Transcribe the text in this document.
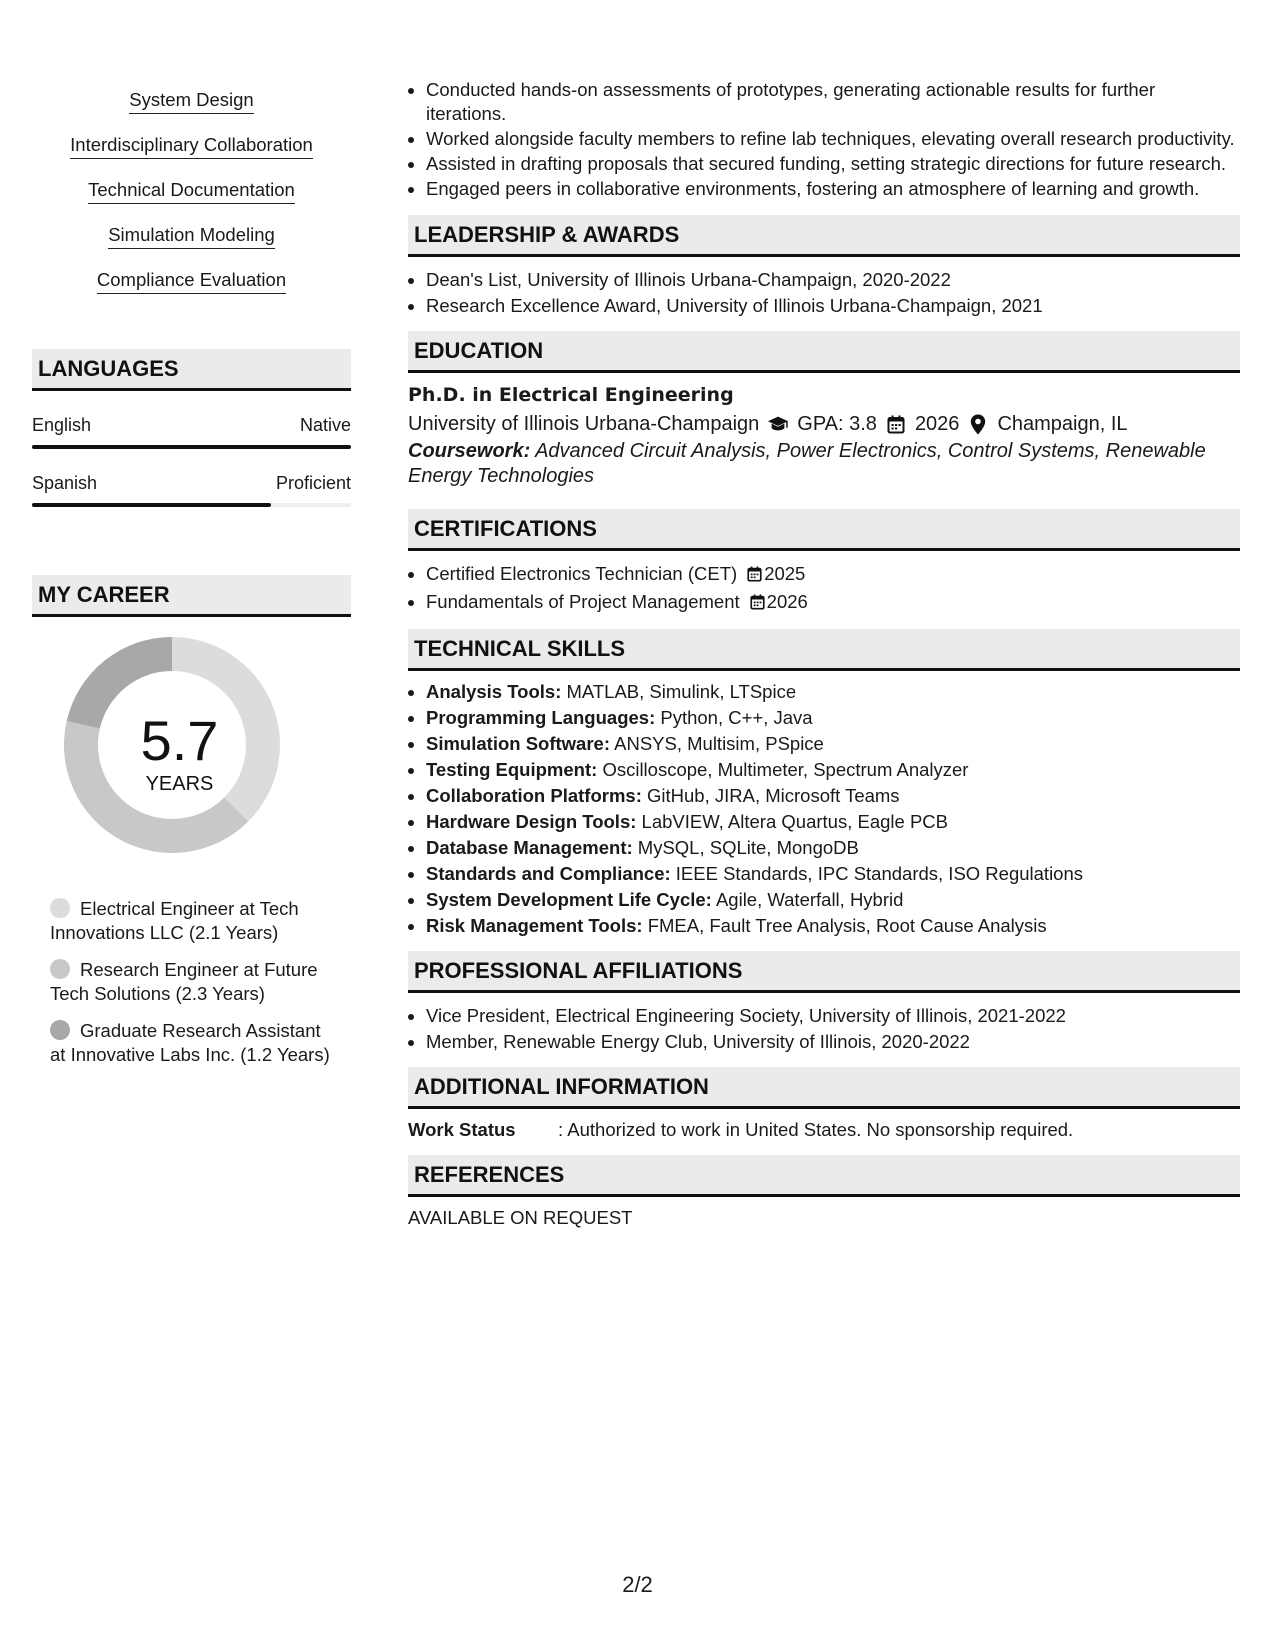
System Design
Interdisciplinary Collaboration
Technical Documentation
Simulation Modeling
Compliance Evaluation
LANGUAGES
English	Native
Spanish	Proficient
MY CAREER
5.7
YEARS
Electrical Engineer at Tech Innovations LLC (2.1 Years)
Research Engineer at Future Tech Solutions (2.3 Years)
Graduate Research Assistant at Innovative Labs Inc. (1.2 Years)
• Conducted hands-on assessments of prototypes, generating actionable results for further iterations.
• Worked alongside faculty members to refine lab techniques, elevating overall research productivity.
• Assisted in drafting proposals that secured funding, setting strategic directions for future research.
• Engaged peers in collaborative environments, fostering an atmosphere of learning and growth.
LEADERSHIP & AWARDS
• Dean's List, University of Illinois Urbana-Champaign, 2020-2022
• Research Excellence Award, University of Illinois Urbana-Champaign, 2021
EDUCATION
Ph.D. in Electrical Engineering
University of Illinois Urbana-Champaign GPA: 3.8 2026 Champaign, IL
Coursework: Advanced Circuit Analysis, Power Electronics, Control Systems, Renewable Energy Technologies
CERTIFICATIONS
• Certified Electronics Technician (CET) 2025
• Fundamentals of Project Management 2026
TECHNICAL SKILLS
• Analysis Tools: MATLAB, Simulink, LTSpice
• Programming Languages: Python, C++, Java
• Simulation Software: ANSYS, Multisim, PSpice
• Testing Equipment: Oscilloscope, Multimeter, Spectrum Analyzer
• Collaboration Platforms: GitHub, JIRA, Microsoft Teams
• Hardware Design Tools: LabVIEW, Altera Quartus, Eagle PCB
• Database Management: MySQL, SQLite, MongoDB
• Standards and Compliance: IEEE Standards, IPC Standards, ISO Regulations
• System Development Life Cycle: Agile, Waterfall, Hybrid
• Risk Management Tools: FMEA, Fault Tree Analysis, Root Cause Analysis
PROFESSIONAL AFFILIATIONS
• Vice President, Electrical Engineering Society, University of Illinois, 2021-2022
• Member, Renewable Energy Club, University of Illinois, 2020-2022
ADDITIONAL INFORMATION
Work Status	: Authorized to work in United States. No sponsorship required.
REFERENCES
AVAILABLE ON REQUEST
2/2
